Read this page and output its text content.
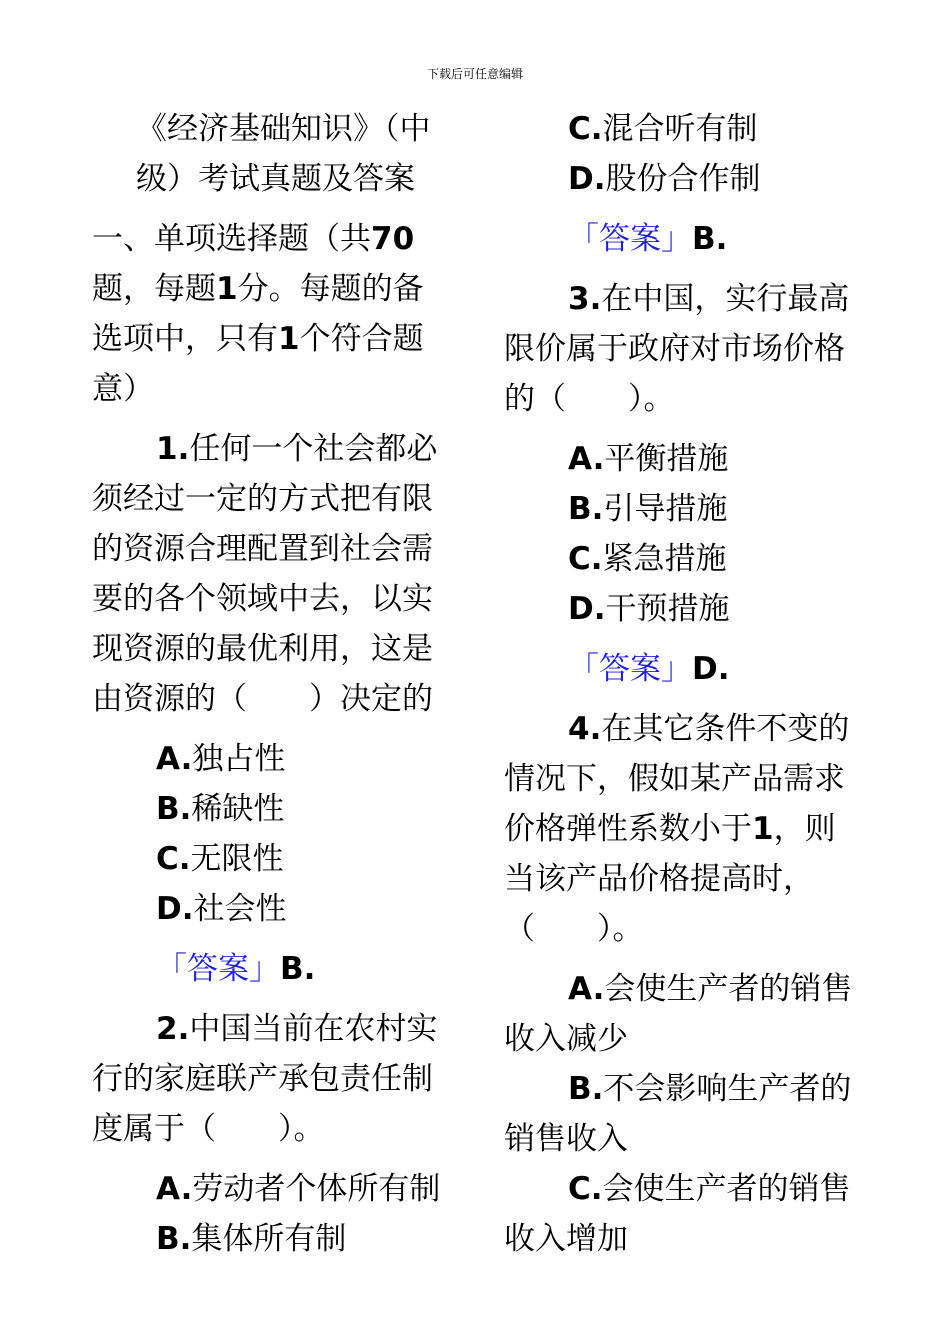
下载后可任意编辑

《经济基础知识》（中

级）考试真题及答案

一、单项选择题（共70题，每题1分。每题的备选项中，只有1个符合题意）

1.任何一个社会都必须经过一定的方式把有限的资源合理配置到社会需要的各个领域中去，以实现资源的最优利用，这是由资源的（　　）决定的

A.独占性

B.稀缺性

C.无限性

D.社会性

「答案」B.

2.中国当前在农村实行的家庭联产承包责任制度属于（　　）。

A.劳动者个体所有制

B.集体所有制

C.混合听有制

D.股份合作制

「答案」B.

3.在中国，实行最高限价属于政府对市场价格的（　　）。

A.平衡措施

B.引导措施

C.紧急措施

D.干预措施

「答案」D.

4.在其它条件不变的情况下，假如某产品需求价格弹性系数小于1，则当该产品价格提高时，（　　）。

A.会使生产者的销售收入减少

B.不会影响生产者的销售收入

C.会使生产者的销售收入增加
